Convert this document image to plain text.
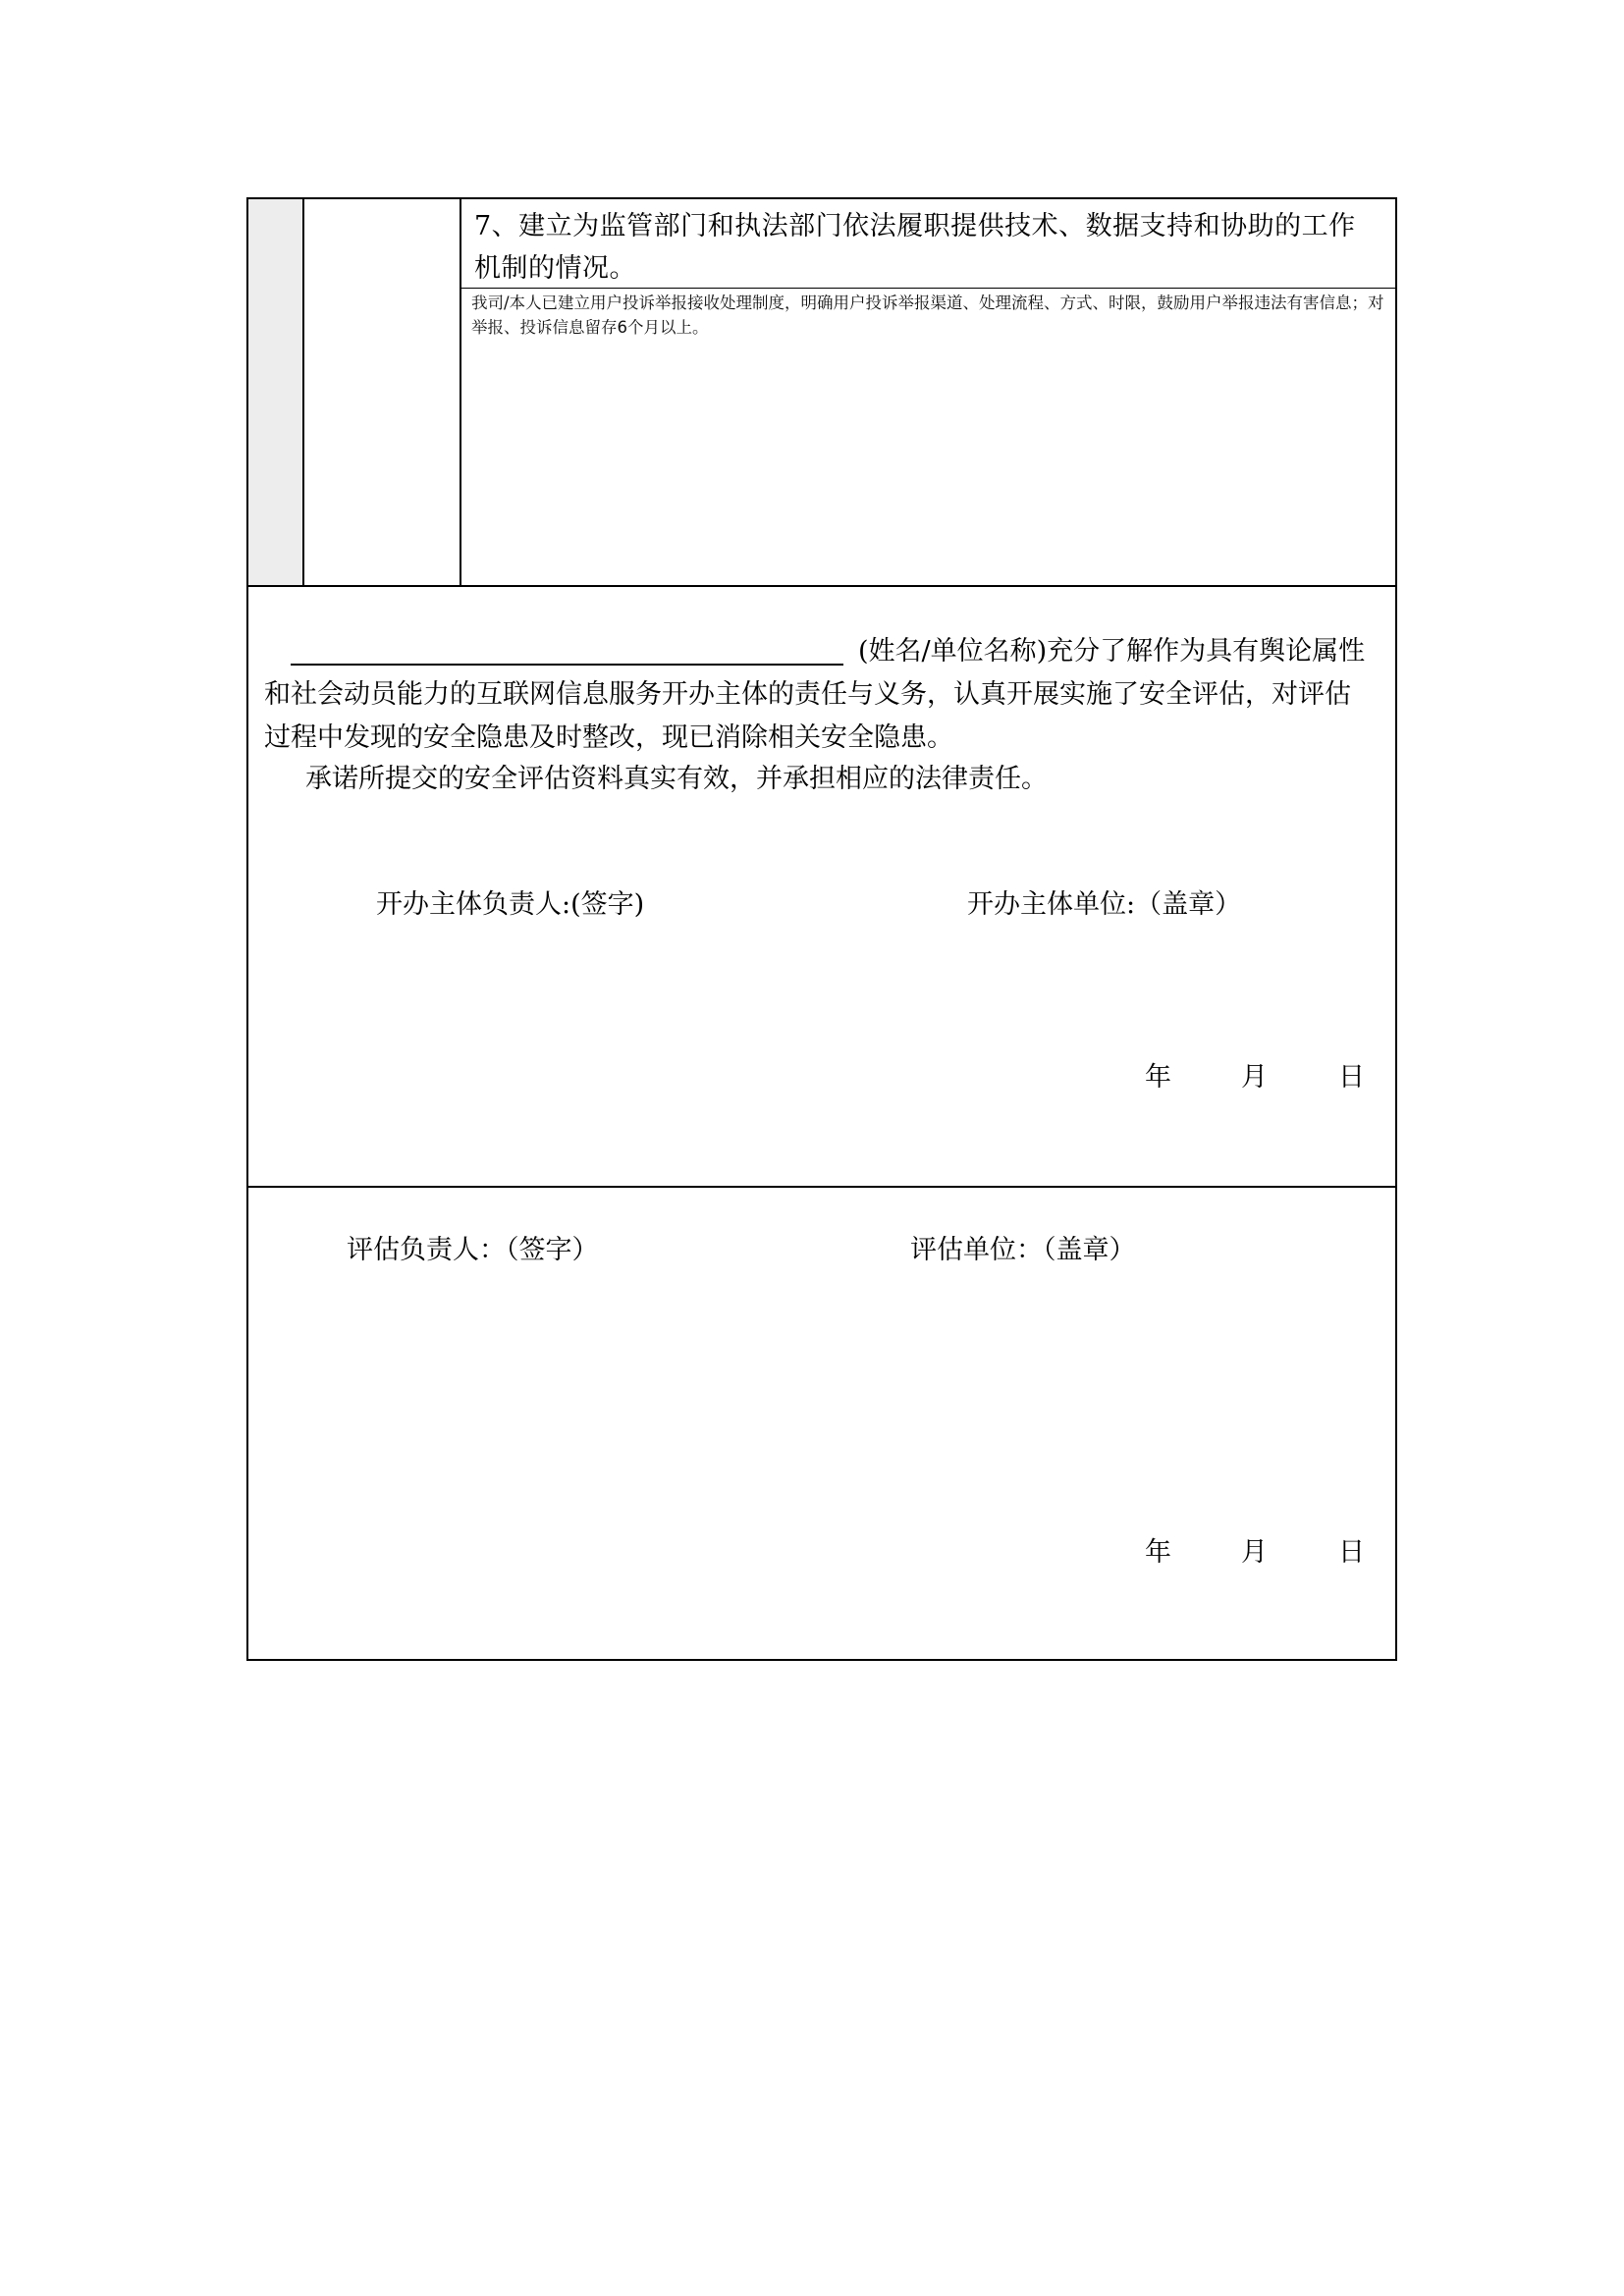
7、建立为监管部门和执法部门依法履职提供技术、数据支持和协助的工作机制的情况。
我司/本人已建立用户投诉举报接收处理制度，明确用户投诉举报渠道、处理流程、方式、时限，鼓励用户举报违法有害信息；对举报、投诉信息留存6个月以上。
(姓名/单位名称)充分了解作为具有舆论属性
和社会动员能力的互联网信息服务开办主体的责任与义务，认真开展实施了安全评估，对评估
过程中发现的安全隐患及时整改，现已消除相关安全隐患。
承诺所提交的安全评估资料真实有效，并承担相应的法律责任。
开办主体负责人:(签字)	开办主体单位:（盖章）
年	月	日
评估负责人：（签字）	评估单位：（盖章）
年	月	日
